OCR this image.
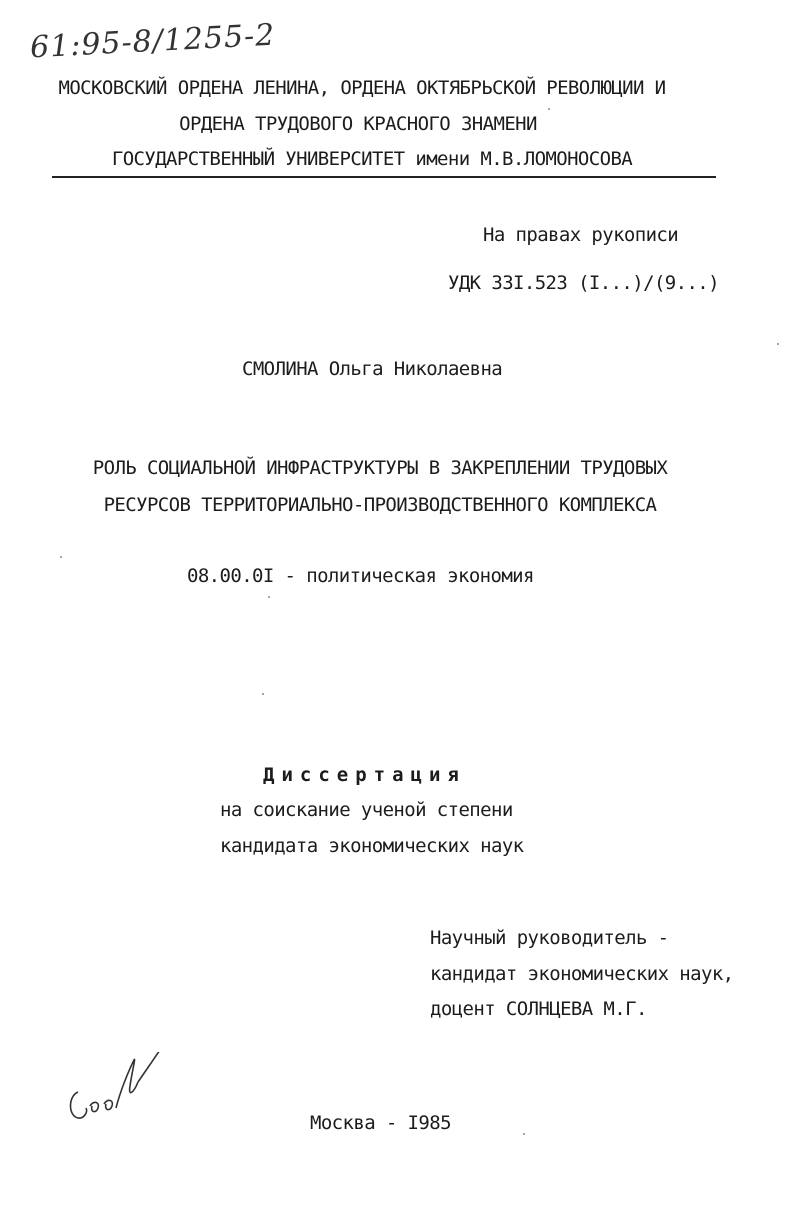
61:95-8/1255-2
МОСКОВСКИЙ ОРДЕНА ЛЕНИНА, ОРДЕНА ОКТЯБРЬСКОЙ РЕВОЛЮЦИИ И
ОРДЕНА ТРУДОВОГО КРАСНОГО ЗНАМЕНИ
ГОСУДАРСТВЕННЫЙ УНИВЕРСИТЕТ имени М.В.ЛОМОНОСОВА
На правах рукописи
УДК 33I.523 (I...)/(9...)
СМОЛИНА Ольга Николаевна
РОЛЬ СОЦИАЛЬНОЙ ИНФРАСТРУКТУРЫ В ЗАКРЕПЛЕНИИ ТРУДОВЫХ
РЕСУРСОВ ТЕРРИТОРИАЛЬНО-ПРОИЗВОДСТВЕННОГО КОМПЛЕКСА
08.00.0I - политическая экономия
Диссертация
на соискание ученой степени
кандидата экономических наук
Научный руководитель -
кандидат экономических наук,
доцент СОЛНЦЕВА М.Г.
Москва - I985
